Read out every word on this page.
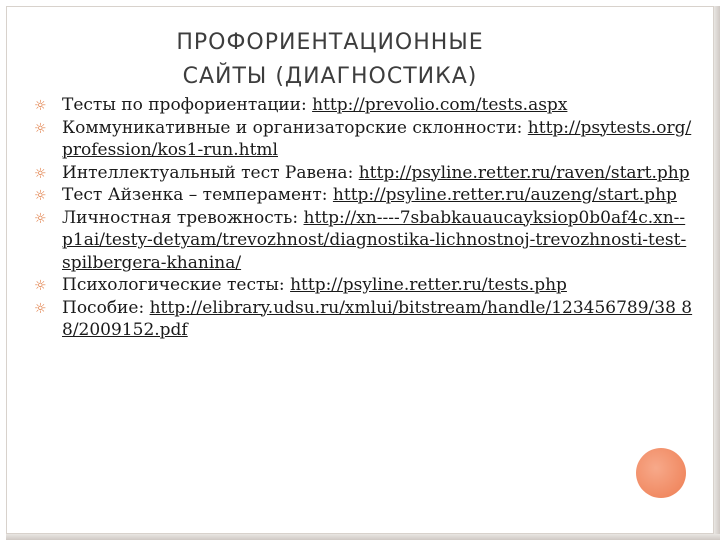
ПРОФОРИЕНТАЦИОННЫЕ
САЙТЫ (ДИАГНОСТИКА)
☼ Тесты по профориентации: http://prevolio.com/tests.aspx
☼ Коммуникативные и организаторские склонности: http://psytests.org/profession/kos1-run.html
☼ Интеллектуальный тест Равена: http://psyline.retter.ru/raven/start.php
☼ Тест Айзенка – темперамент: http://psyline.retter.ru/auzeng/start.php
☼ Личностная тревожность: http://xn----7sbabkauaucayksiop0b0af4c.xn--p1ai/testy-detyam/trevozhnost/diagnostika-lichnostnoj-trevozhnosti-test-spilbergera-khanina/
☼ Психологические тесты: http://psyline.retter.ru/tests.php
☼ Пособие: http://elibrary.udsu.ru/xmlui/bitstream/handle/123456789/38 88/2009152.pdf
